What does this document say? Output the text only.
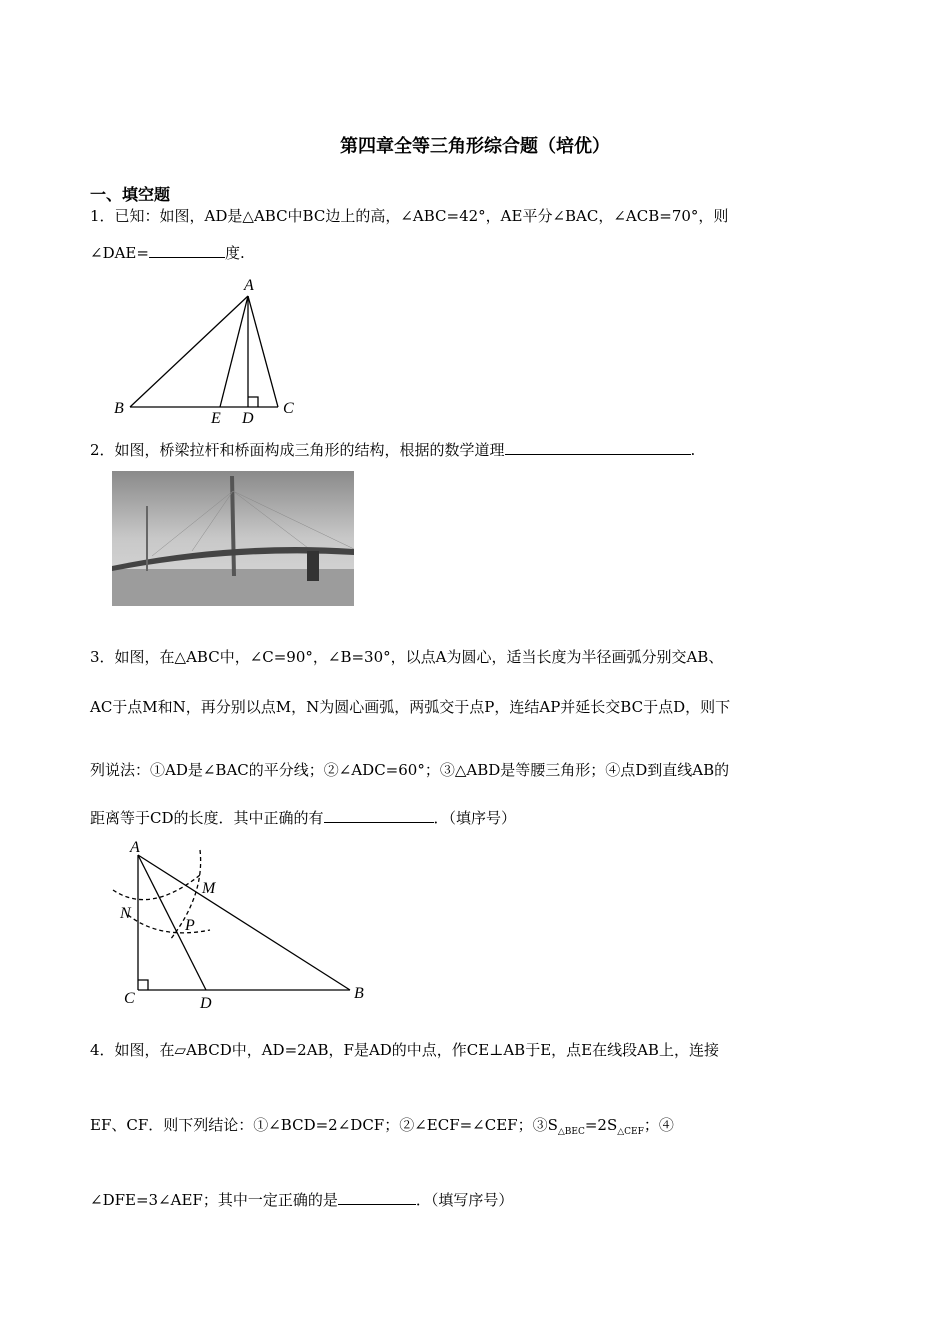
第四章全等三角形综合题（培优）
一、填空题
1．已知：如图，AD是△ABC中BC边上的高，∠ABC=42°，AE平分∠BAC，∠ACB=70°，则
∠DAE=	度.
A
B
E D
C
A
M
N
P
C	D
B
2．如图，桥梁拉杆和桥面构成三角形的结构，根据的数学道理	.
3．如图，在△ABC中，∠C=90°，∠B=30°，以点A为圆心，适当长度为半径画弧分别交AB、
AC于点M和N，再分别以点M，N为圆心画弧，两弧交于点P，连结AP并延长交BC于点D，则下
列说法：①AD是∠BAC的平分线；②∠ADC=60°；③△ABD是等腰三角形；④点D到直线AB的
距离等于CD的长度．其中正确的有	．（填序号）
4．如图，在▱ABCD中，AD=2AB，F是AD的中点，作CE⊥AB于E，点E在线段AB上，连接
EF、CF．则下列结论：①∠BCD=2∠DCF；②∠ECF=∠CEF；$③S_{\triangle BEC}=2S_{\triangle CEF}$；④
∠DFE=3∠AEF；其中一定正确的是	．（填写序号）
